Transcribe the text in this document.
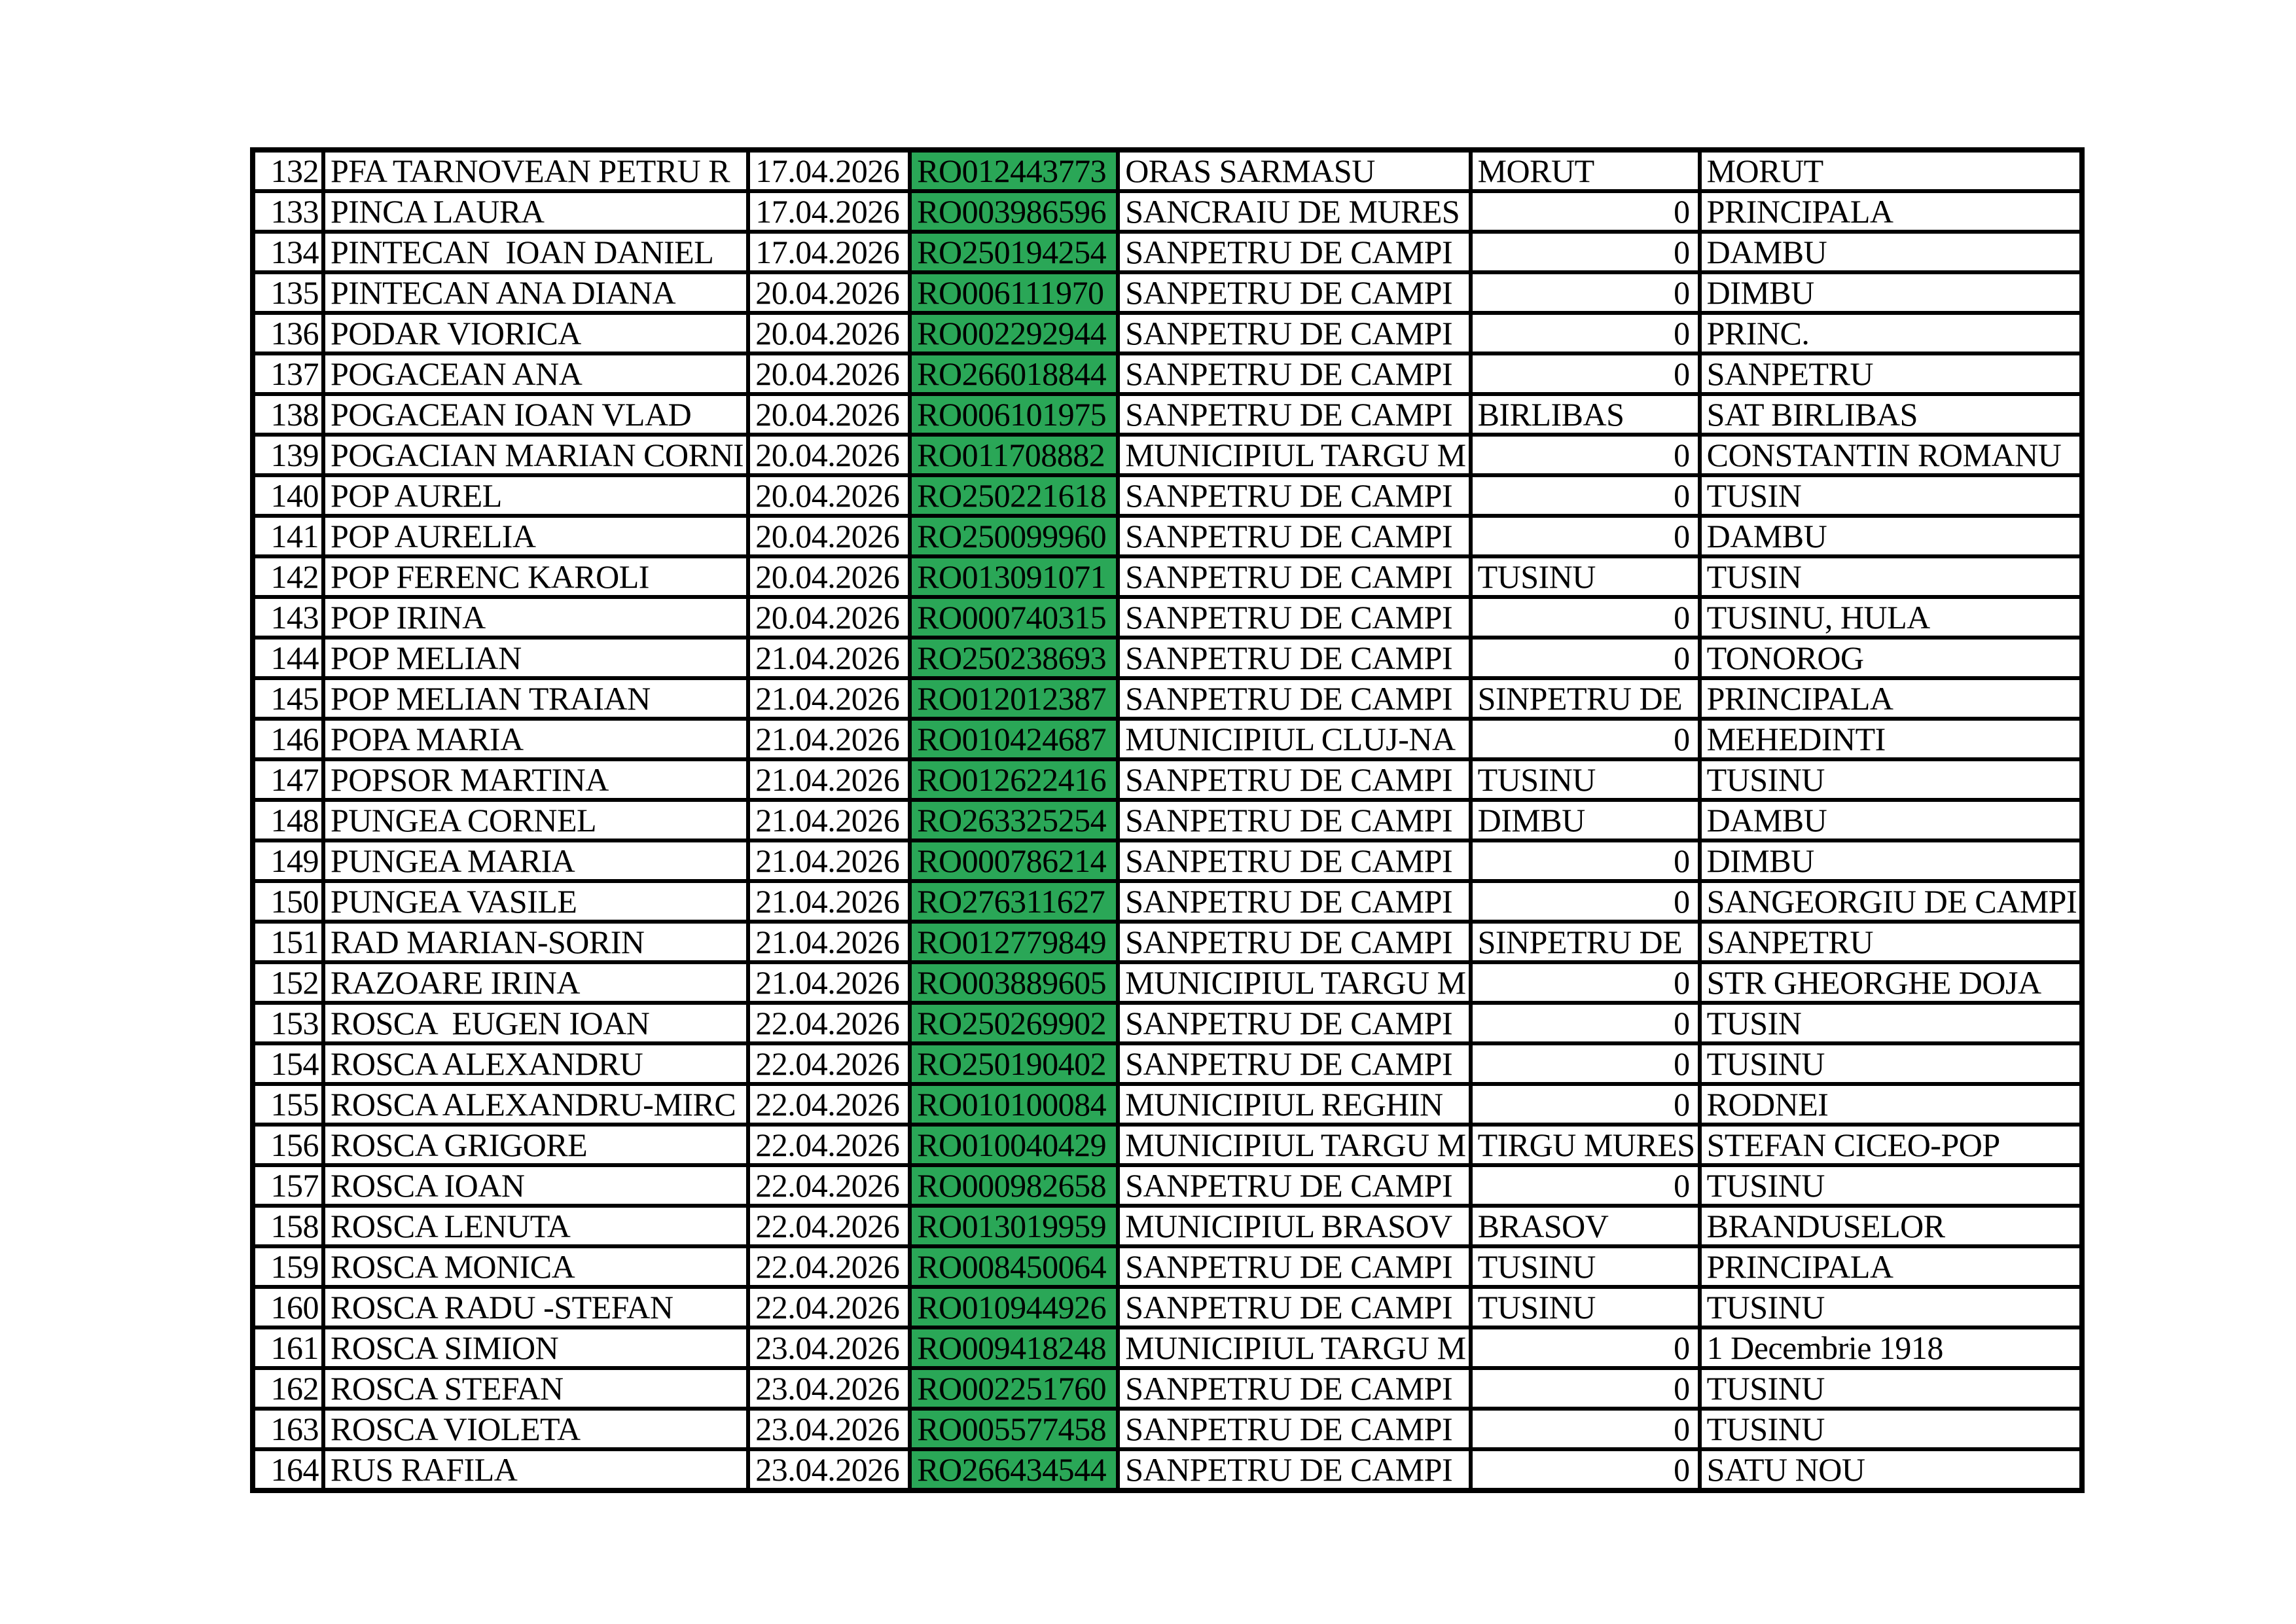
132	PFA TARNOVEAN PETRU R	17.04.2026	RO012443773	ORAS SARMASU	MORUT	MORUT
133	PINCA LAURA	17.04.2026	RO003986596	SANCRAIU DE MURES	0	PRINCIPALA
134	PINTECAN  IOAN DANIEL	17.04.2026	RO250194254	SANPETRU DE CAMPI	0	DAMBU
135	PINTECAN ANA DIANA	20.04.2026	RO006111970	SANPETRU DE CAMPI	0	DIMBU
136	PODAR VIORICA	20.04.2026	RO002292944	SANPETRU DE CAMPI	0	PRINC.
137	POGACEAN ANA	20.04.2026	RO266018844	SANPETRU DE CAMPI	0	SANPETRU
138	POGACEAN IOAN VLAD	20.04.2026	RO006101975	SANPETRU DE CAMPI	BIRLIBAS	SAT BIRLIBAS
139	POGACIAN MARIAN CORNI	20.04.2026	RO011708882	MUNICIPIUL TARGU M	0	CONSTANTIN ROMANU
140	POP AUREL	20.04.2026	RO250221618	SANPETRU DE CAMPI	0	TUSIN
141	POP AURELIA	20.04.2026	RO250099960	SANPETRU DE CAMPI	0	DAMBU
142	POP FERENC KAROLI	20.04.2026	RO013091071	SANPETRU DE CAMPI	TUSINU	TUSIN
143	POP IRINA	20.04.2026	RO000740315	SANPETRU DE CAMPI	0	TUSINU, HULA
144	POP MELIAN	21.04.2026	RO250238693	SANPETRU DE CAMPI	0	TONOROG
145	POP MELIAN TRAIAN	21.04.2026	RO012012387	SANPETRU DE CAMPI	SINPETRU DE	PRINCIPALA
146	POPA MARIA	21.04.2026	RO010424687	MUNICIPIUL CLUJ-NA	0	MEHEDINTI
147	POPSOR MARTINA	21.04.2026	RO012622416	SANPETRU DE CAMPI	TUSINU	TUSINU
148	PUNGEA CORNEL	21.04.2026	RO263325254	SANPETRU DE CAMPI	DIMBU	DAMBU
149	PUNGEA MARIA	21.04.2026	RO000786214	SANPETRU DE CAMPI	0	DIMBU
150	PUNGEA VASILE	21.04.2026	RO276311627	SANPETRU DE CAMPI	0	SANGEORGIU DE CAMPI
151	RAD MARIAN-SORIN	21.04.2026	RO012779849	SANPETRU DE CAMPI	SINPETRU DE	SANPETRU
152	RAZOARE IRINA	21.04.2026	RO003889605	MUNICIPIUL TARGU M	0	STR GHEORGHE DOJA
153	ROSCA  EUGEN IOAN	22.04.2026	RO250269902	SANPETRU DE CAMPI	0	TUSIN
154	ROSCA ALEXANDRU	22.04.2026	RO250190402	SANPETRU DE CAMPI	0	TUSINU
155	ROSCA ALEXANDRU-MIRC	22.04.2026	RO010100084	MUNICIPIUL REGHIN	0	RODNEI
156	ROSCA GRIGORE	22.04.2026	RO010040429	MUNICIPIUL TARGU M	TIRGU MURES	STEFAN CICEO-POP
157	ROSCA IOAN	22.04.2026	RO000982658	SANPETRU DE CAMPI	0	TUSINU
158	ROSCA LENUTA	22.04.2026	RO013019959	MUNICIPIUL BRASOV	BRASOV	BRANDUSELOR
159	ROSCA MONICA	22.04.2026	RO008450064	SANPETRU DE CAMPI	TUSINU	PRINCIPALA
160	ROSCA RADU -STEFAN	22.04.2026	RO010944926	SANPETRU DE CAMPI	TUSINU	TUSINU
161	ROSCA SIMION	23.04.2026	RO009418248	MUNICIPIUL TARGU M	0	1 Decembrie 1918
162	ROSCA STEFAN	23.04.2026	RO002251760	SANPETRU DE CAMPI	0	TUSINU
163	ROSCA VIOLETA	23.04.2026	RO005577458	SANPETRU DE CAMPI	0	TUSINU
164	RUS RAFILA	23.04.2026	RO266434544	SANPETRU DE CAMPI	0	SATU NOU
